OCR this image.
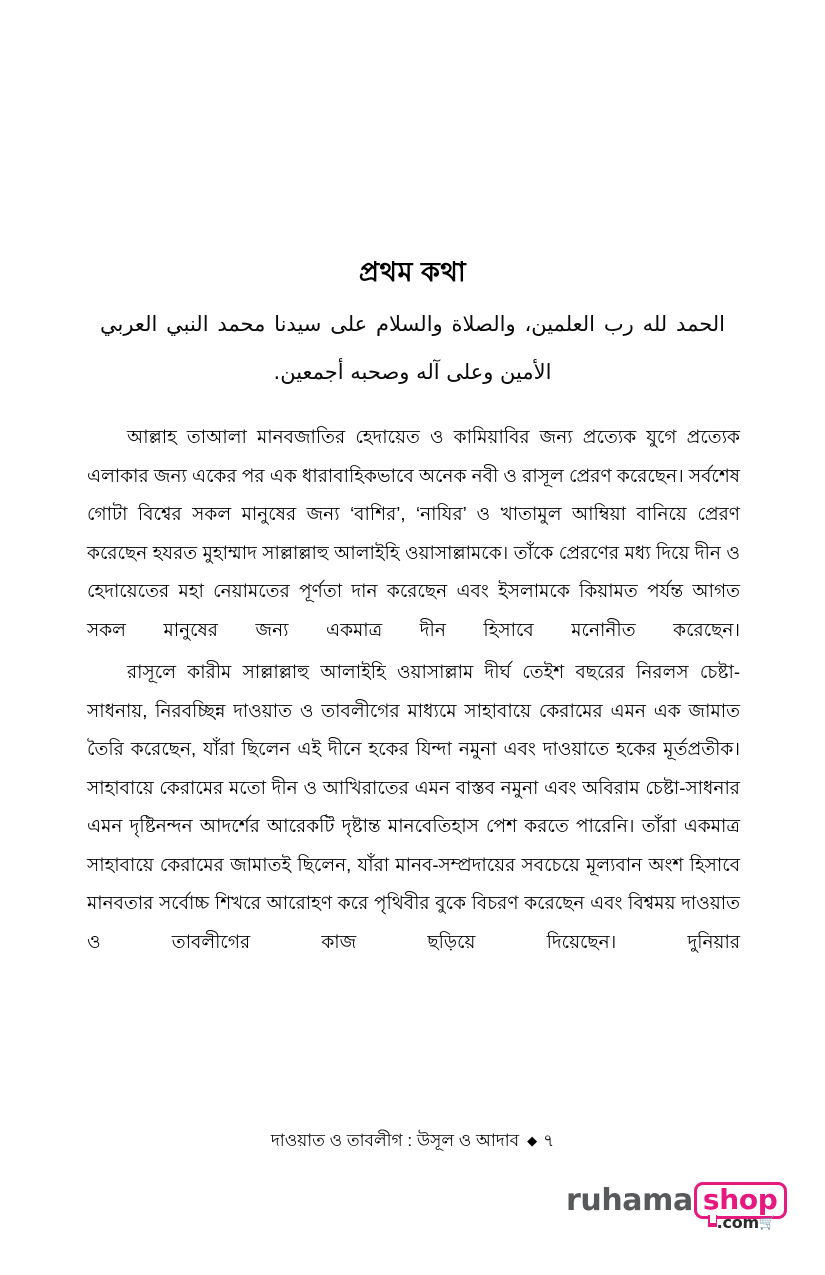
প্রথম কথা
الحمد لله رب العلمين، والصلاة والسلام على سيدنا محمد النبي العربي
الأمين وعلى آله وصحبه أجمعين.

আল্লাহ তাআলা মানবজাতির হেদায়েত ও কামিয়াবির জন্য প্রত্যেক যুগে প্রত্যেক এলাকার জন্য একের পর এক ধারাবাহিকভাবে অনেক নবী ও রাসূল প্রেরণ করেছেন। সর্বশেষ গোটা বিশ্বের সকল মানুষের জন্য ‘বাশির’, ‘নাযির’ ও খাতামুল আম্বিয়া বানিয়ে প্রেরণ করেছেন হযরত মুহাম্মাদ সাল্লাল্লাহু আলাইহি ওয়াসাল্লামকে। তাঁকে প্রেরণের মধ্য দিয়ে দীন ও হেদায়েতের মহা নেয়ামতের পূর্ণতা দান করেছেন এবং ইসলামকে কিয়ামত পর্যন্ত আগত সকল মানুষের জন্য একমাত্র দীন হিসাবে মনোনীত করেছেন।

রাসূলে কারীম সাল্লাল্লাহু আলাইহি ওয়াসাল্লাম দীর্ঘ তেইশ বছরের নিরলস চেষ্টা-সাধনায়, নিরবচ্ছিন্ন দাওয়াত ও তাবলীগের মাধ্যমে সাহাবায়ে কেরামের এমন এক জামাত তৈরি করেছেন, যাঁরা ছিলেন এই দীনে হকের যিন্দা নমুনা এবং দাওয়াতে হকের মূর্তপ্রতীক। সাহাবায়ে কেরামের মতো দীন ও আখিরাতের এমন বাস্তব নমুনা এবং অবিরাম চেষ্টা-সাধনার এমন দৃষ্টিনন্দন আদর্শের আরেকটি দৃষ্টান্ত মানবেতিহাস পেশ করতে পারেনি। তাঁরা একমাত্র সাহাবায়ে কেরামের জামাতই ছিলেন, যাঁরা মানব-সম্প্রদায়ের সবচেয়ে মূল্যবান অংশ হিসাবে মানবতার সর্বোচ্চ শিখরে আরোহণ করে পৃথিবীর বুকে বিচরণ করেছেন এবং বিশ্বময় দাওয়াত ও তাবলীগের কাজ ছড়িয়ে দিয়েছেন। দুনিয়ার

দাওয়াত ও তাবলীগ : উসূল ও আদাব ◆ ৭
ruhama shop
.com🛒
